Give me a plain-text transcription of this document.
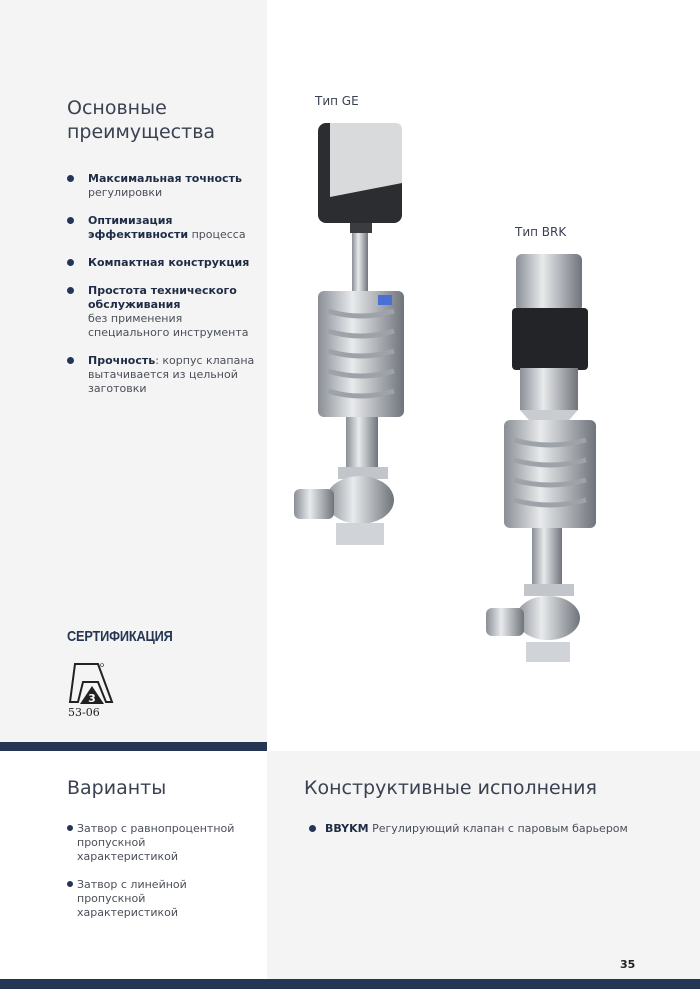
Основные преимущества
Максимальная точность
регулировки
Оптимизация эффективности процесса
Компактная конструкция
Простота технического обслуживания
без применения специального инструмента
Прочность: корпус клапана вытачивается из цельной заготовки
СЕРТИФИКАЦИЯ
3
53-06
Тип GE
Тип BRK
Варианты
Затвор с равнопроцентной пропускной характеристикой
Затвор с линейной пропускной характеристикой
Конструктивные исполнения
BBYKM Регулирующий клапан с паровым барьером
35
